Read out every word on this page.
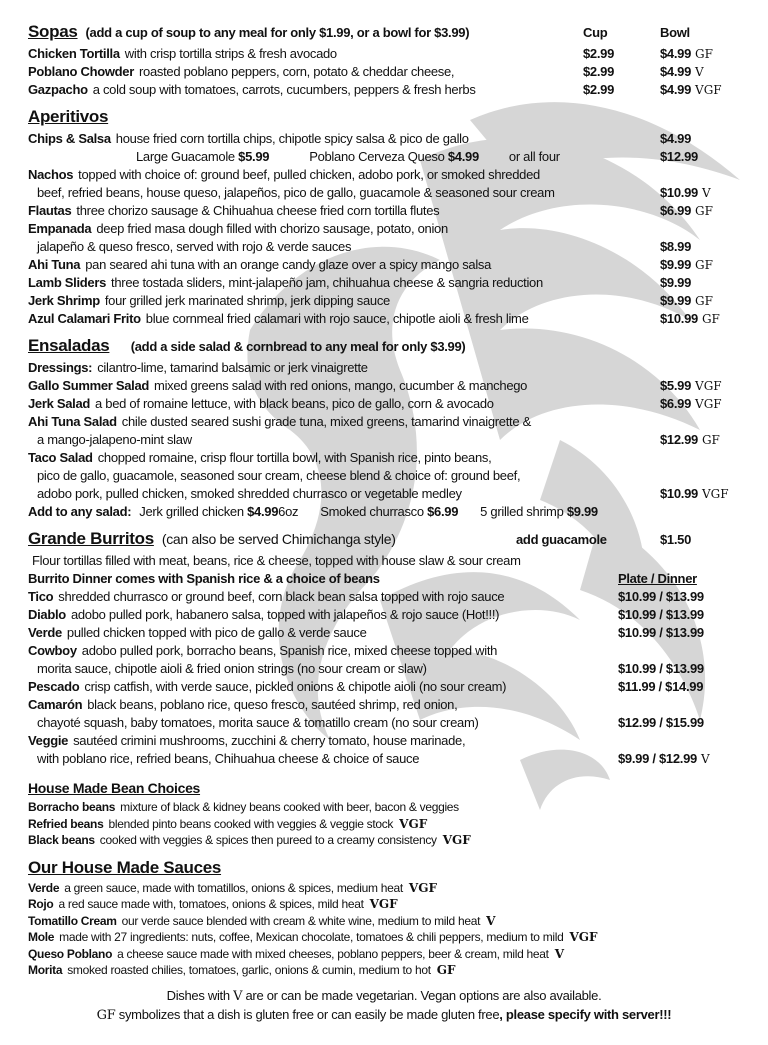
Sopas (add a cup of soup to any meal for only $1.99, or a bowl for $3.99)	Cup	Bowl
Chicken Tortilla with crisp tortilla strips & fresh avocado	$2.99	$4.99 GF
Poblano Chowder roasted poblano peppers, corn, potato & cheddar cheese,	$2.99	$4.99 V
Gazpacho a cold soup with tomatoes, carrots, cucumbers, peppers & fresh herbs	$2.99	$4.99 VGF
Aperitivos
Chips & Salsa house fried corn tortilla chips, chipotle spicy salsa & pico de gallo	$4.99
Large Guacamole $5.99	Poblano Cerveza Queso $4.99 or all four	$12.99
Nachos topped with choice of: ground beef, pulled chicken, adobo pork, or smoked shredded
beef, refried beans, house queso, jalapeños, pico de gallo, guacamole & seasoned sour cream	$10.99 V
Flautas three chorizo sausage & Chihuahua cheese fried corn tortilla flutes	$6.99 GF
Empanada deep fried masa dough filled with chorizo sausage, potato, onion
jalapeño & queso fresco, served with rojo & verde sauces	$8.99
Ahi Tuna pan seared ahi tuna with an orange candy glaze over a spicy mango salsa	$9.99 GF
Lamb Sliders three tostada sliders, mint-jalapeño jam, chihuahua cheese & sangria reduction	$9.99
Jerk Shrimp four grilled jerk marinated shrimp, jerk dipping sauce	$9.99 GF
Azul Calamari Frito blue cornmeal fried calamari with rojo sauce, chipotle aioli & fresh lime	$10.99 GF
Ensaladas (add a side salad & cornbread to any meal for only $3.99)
Dressings: cilantro-lime, tamarind balsamic or jerk vinaigrette
Gallo Summer Salad mixed greens salad with red onions, mango, cucumber & manchego	$5.99 VGF
Jerk Salad a bed of romaine lettuce, with black beans, pico de gallo, corn & avocado	$6.99 VGF
Ahi Tuna Salad chile dusted seared sushi grade tuna, mixed greens, tamarind vinaigrette &
a mango-jalapeno-mint slaw	$12.99 GF
Taco Salad chopped romaine, crisp flour tortilla bowl, with Spanish rice, pinto beans,
pico de gallo, guacamole, seasoned sour cream, cheese blend & choice of: ground beef,
adobo pork, pulled chicken, smoked shredded churrasco or vegetable medley	$10.99 VGF
Add to any salad: Jerk grilled chicken $4.996oz Smoked churrasco $6.99 5 grilled shrimp $9.99
Grande Burritos (can also be served Chimichanga style)	add guacamole	$1.50
Flour tortillas filled with meat, beans, rice & cheese, topped with house slaw & sour cream
Burrito Dinner comes with Spanish rice & a choice of beans	Plate / Dinner
Tico shredded churrasco or ground beef, corn black bean salsa topped with rojo sauce	$10.99 / $13.99
Diablo adobo pulled pork, habanero salsa, topped with jalapeños & rojo sauce (Hot!!!)	$10.99 / $13.99
Verde pulled chicken topped with pico de gallo & verde sauce	$10.99 / $13.99
Cowboy adobo pulled pork, borracho beans, Spanish rice, mixed cheese topped with
morita sauce, chipotle aioli & fried onion strings (no sour cream or slaw)	$10.99 / $13.99
Pescado crisp catfish, with verde sauce, pickled onions & chipotle aioli (no sour cream)	$11.99 / $14.99
Camarón black beans, poblano rice, queso fresco, sautéed shrimp, red onion,
chayoté squash, baby tomatoes, morita sauce & tomatillo cream (no sour cream)	$12.99 / $15.99
Veggie sautéed crimini mushrooms, zucchini & cherry tomato, house marinade,
with poblano rice, refried beans, Chihuahua cheese & choice of sauce	$9.99 / $12.99 V
House Made Bean Choices
Borracho beans mixture of black & kidney beans cooked with beer, bacon & veggies
Refried beans blended pinto beans cooked with veggies & veggie stock VGF
Black beans cooked with veggies & spices then pureed to a creamy consistency VGF
Our House Made Sauces
Verde a green sauce, made with tomatillos, onions & spices, medium heat VGF
Rojo a red sauce made with, tomatoes, onions & spices, mild heat VGF
Tomatillo Cream our verde sauce blended with cream & white wine, medium to mild heat V
Mole made with 27 ingredients: nuts, coffee, Mexican chocolate, tomatoes & chili peppers, medium to mild VGF
Queso Poblano a cheese sauce made with mixed cheeses, poblano peppers, beer & cream, mild heat V
Morita smoked roasted chilies, tomatoes, garlic, onions & cumin, medium to hot GF
Dishes with V are or can be made vegetarian. Vegan options are also available.
GF symbolizes that a dish is gluten free or can easily be made gluten free, please specify with server!!!
